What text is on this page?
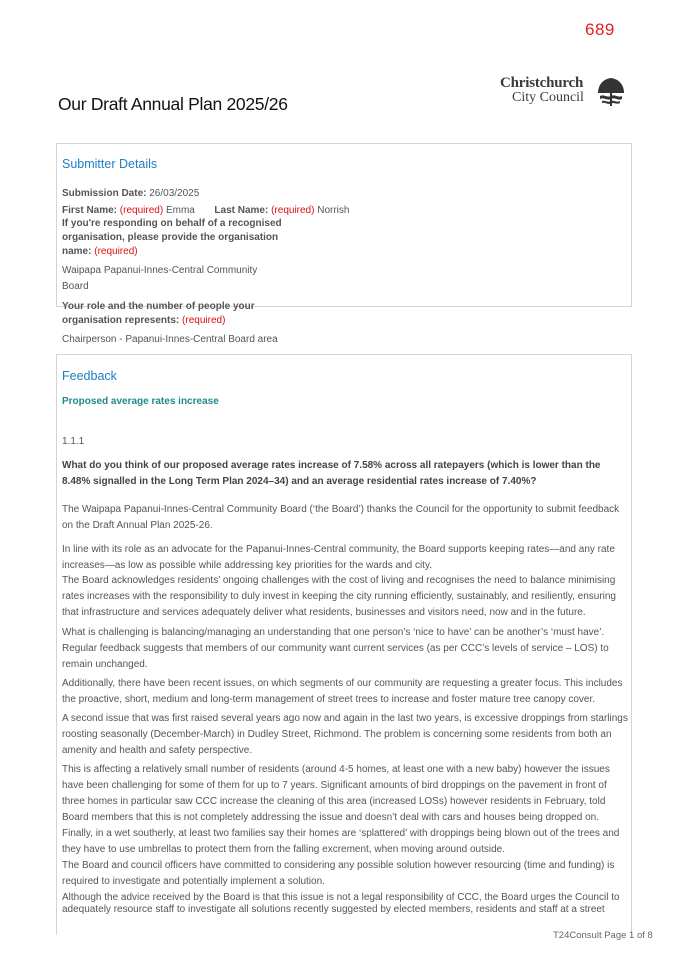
689
Christchurch
City Council
Our Draft Annual Plan 2025/26
Submitter Details
Submission Date: 26/03/2025
First Name: (required) Emma Last Name: (required) Norrish
If you're responding on behalf of a recognised
organisation, please provide the organisation
name: (required)
Waipapa Papanui-Innes-Central Community
Board
Your role and the number of people your
organisation represents: (required)
Chairperson - Papanui-Innes-Central Board area
Feedback
Proposed average rates increase
1.1.1

What do you think of our proposed average rates increase of 7.58% across all ratepayers (which is lower than the 8.48% signalled in the Long Term Plan 2024–34) and an average residential rates increase of 7.40%?

The Waipapa Papanui-Innes-Central Community Board (‘the Board’) thanks the Council for the opportunity to submit feedback on the Draft Annual Plan 2025-26.

In line with its role as an advocate for the Papanui-Innes-Central community, the Board supports keeping rates—and any rate increases—as low as possible while addressing key priorities for the wards and city.

The Board acknowledges residents’ ongoing challenges with the cost of living and recognises the need to balance minimising rates increases with the responsibility to duly invest in keeping the city running efficiently, sustainably, and resiliently, ensuring that infrastructure and services adequately deliver what residents, businesses and visitors need, now and in the future.

What is challenging is balancing/managing an understanding that one person’s ‘nice to have’ can be another’s ‘must have’. Regular feedback suggests that members of our community want current services (as per CCC’s levels of service – LOS) to remain unchanged.

Additionally, there have been recent issues, on which segments of our community are requesting a greater focus. This includes the proactive, short, medium and long-term management of street trees to increase and foster mature tree canopy cover.

A second issue that was first raised several years ago now and again in the last two years, is excessive droppings from starlings roosting seasonally (December-March) in Dudley Street, Richmond. The problem is concerning some residents from both an amenity and health and safety perspective.

This is affecting a relatively small number of residents (around 4-5 homes, at least one with a new baby) however the issues have been challenging for some of them for up to 7 years. Significant amounts of bird droppings on the pavement in front of three homes in particular saw CCC increase the cleaning of this area (increased LOSs) however residents in February, told Board members that this is not completely addressing the issue and doesn’t deal with cars and houses being dropped on. Finally, in a wet southerly, at least two families say their homes are ‘splattered’ with droppings being blown out of the trees and they have to use umbrellas to protect them from the falling excrement, when moving around outside.

The Board and council officers have committed to considering any possible solution however resourcing (time and funding) is required to investigate and potentially implement a solution.

Although the advice received by the Board is that this issue is not a legal responsibility of CCC, the Board urges the Council to adequately resource staff to investigate all solutions recently suggested by elected members, residents and staff at a street

T24Consult Page 1 of 8
